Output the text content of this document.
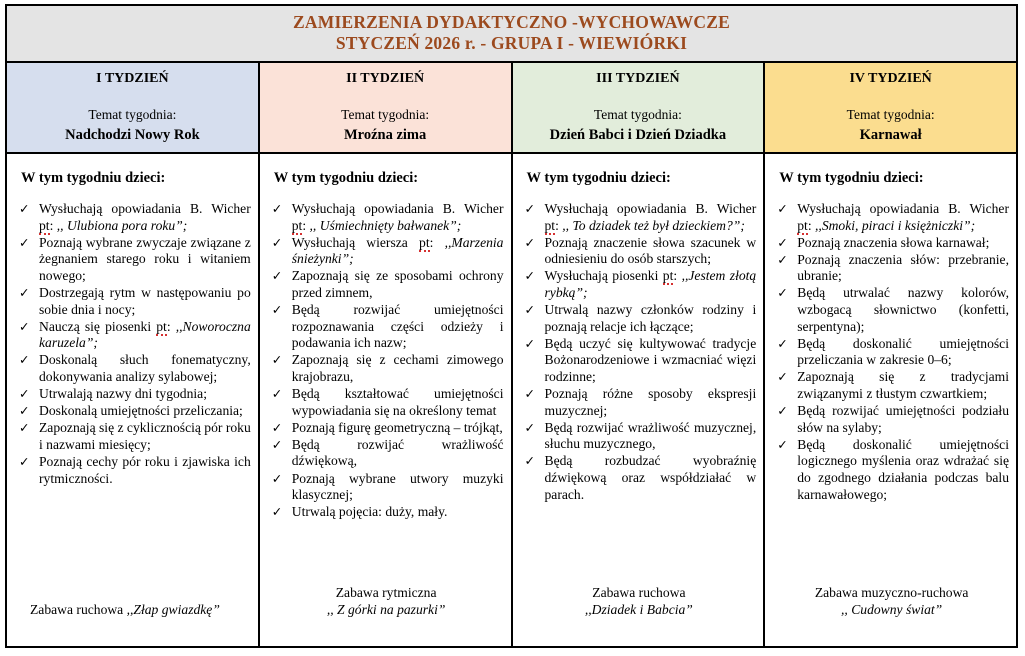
ZAMIERZENIA DYDAKTYCZNO -WYCHOWAWCZE
STYCZEŃ 2026 r. - GRUPA I - WIEWIÓRKI
I TYDZIEŃ
Temat tygodnia:
Nadchodzi Nowy Rok
II TYDZIEŃ
Temat tygodnia:
Mroźna zima
III TYDZIEŃ
Temat tygodnia:
Dzień Babci i Dzień Dziadka
IV TYDZIEŃ
Temat tygodnia:
Karnawał
W tym tygodniu dzieci:
✓ Wysłuchają opowiadania B. Wicher pt: ,, Ulubiona pora roku”;
✓ Poznają wybrane zwyczaje związane z żegnaniem starego roku i witaniem nowego;
✓ Dostrzegają rytm w następowaniu po sobie dnia i nocy;
✓ Nauczą się piosenki pt: ,,Noworoczna karuzela”;
✓ Doskonalą słuch fonematyczny, dokonywania analizy sylabowej;
✓ Utrwalają nazwy dni tygodnia;
✓ Doskonalą umiejętności przeliczania;
✓ Zapoznają się z cyklicznością pór roku i nazwami miesięcy;
✓ Poznają cechy pór roku i zjawiska ich rytmiczności.
Zabawa ruchowa ,,Złap gwiazdkę”
W tym tygodniu dzieci:
✓ Wysłuchają opowiadania B. Wicher pt: ,, Uśmiechnięty bałwanek”;
✓ Wysłuchają wiersza pt: ,,Marzenia śnieżynki”;
✓ Zapoznają się ze sposobami ochrony przed zimnem,
✓ Będą rozwijać umiejętności rozpoznawania części odzieży i podawania ich nazw;
✓ Zapoznają się z cechami zimowego krajobrazu,
✓ Będą kształtować umiejętności wypowiadania się na określony temat
✓ Poznają figurę geometryczną – trójkąt,
✓ Będą rozwijać wrażliwość dźwiękową,
✓ Poznają wybrane utwory muzyki klasycznej;
✓ Utrwalą pojęcia: duży, mały.
Zabawa rytmiczna
,, Z górki na pazurki”
W tym tygodniu dzieci:
✓ Wysłuchają opowiadania B. Wicher pt: ,, To dziadek też był dzieckiem?”;
✓ Poznają znaczenie słowa szacunek w odniesieniu do osób starszych;
✓ Wysłuchają piosenki pt: ,,Jestem złotą rybką”;
✓ Utrwalą nazwy członków rodziny i poznają relacje ich łączące;
✓ Będą uczyć się kultywować tradycje Bożonarodzeniowe i wzmacniać więzi rodzinne;
✓ Poznają różne sposoby ekspresji muzycznej;
✓ Będą rozwijać wrażliwość muzycznej, słuchu muzycznego,
✓ Będą rozbudzać wyobraźnię dźwiękową oraz współdziałać w parach.
Zabawa ruchowa
,,Dziadek i Babcia”
W tym tygodniu dzieci:
✓ Wysłuchają opowiadania B. Wicher pt: ,,Smoki, piraci i księżniczki”;
✓ Poznają znaczenia słowa karnawał;
✓ Poznają znaczenia słów: przebranie, ubranie;
✓ Będą utrwalać nazwy kolorów, wzbogacą słownictwo (konfetti, serpentyna);
✓ Będą doskonalić umiejętności przeliczania w zakresie 0–6;
✓ Zapoznają się z tradycjami związanymi z tłustym czwartkiem;
✓ Będą rozwijać umiejętności podziału słów na sylaby;
✓ Będą doskonalić umiejętności logicznego myślenia oraz wdrażać się do zgodnego działania podczas balu karnawałowego;
Zabawa muzyczno-ruchowa
,, Cudowny świat”
